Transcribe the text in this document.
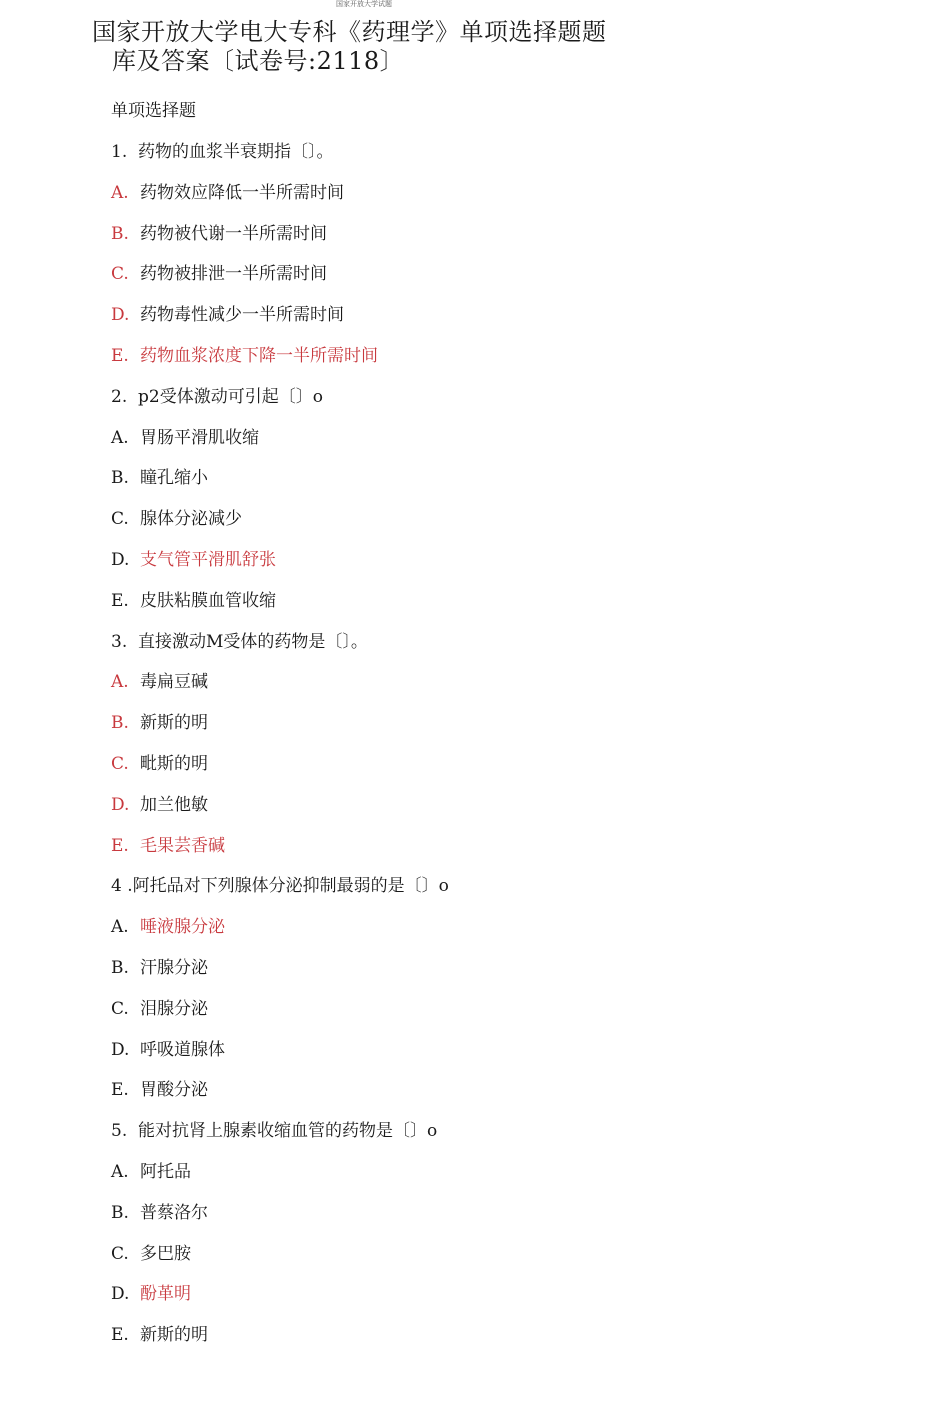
国家开放大学试题
国家开放大学电大专科《药理学》单项选择题题
库及答案〔试卷号:2118〕
单项选择题
1.  药物的血浆半衰期指〔〕。
A. 药物效应降低一半所需时间
B. 药物被代谢一半所需时间
C. 药物被排泄一半所需时间
D. 药物毒性减少一半所需时间
E. 药物血浆浓度下降一半所需时间
2.  p2受体激动可引起〔〕o
A. 胃肠平滑肌收缩
B. 瞳孔缩小
C. 腺体分泌减少
D. 支气管平滑肌舒张
E. 皮肤粘膜血管收缩
3.  直接激动M受体的药物是〔〕。
A. 毒扁豆碱
B. 新斯的明
C. 毗斯的明
D. 加兰他敏
E. 毛果芸香碱
4 .阿托品对下列腺体分泌抑制最弱的是〔〕o
A. 唾液腺分泌
B. 汗腺分泌
C. 泪腺分泌
D. 呼吸道腺体
E. 胃酸分泌
5.  能对抗肾上腺素收缩血管的药物是〔〕o
A. 阿托品
B. 普蔡洛尔
C. 多巴胺
D. 酚革明
E. 新斯的明
